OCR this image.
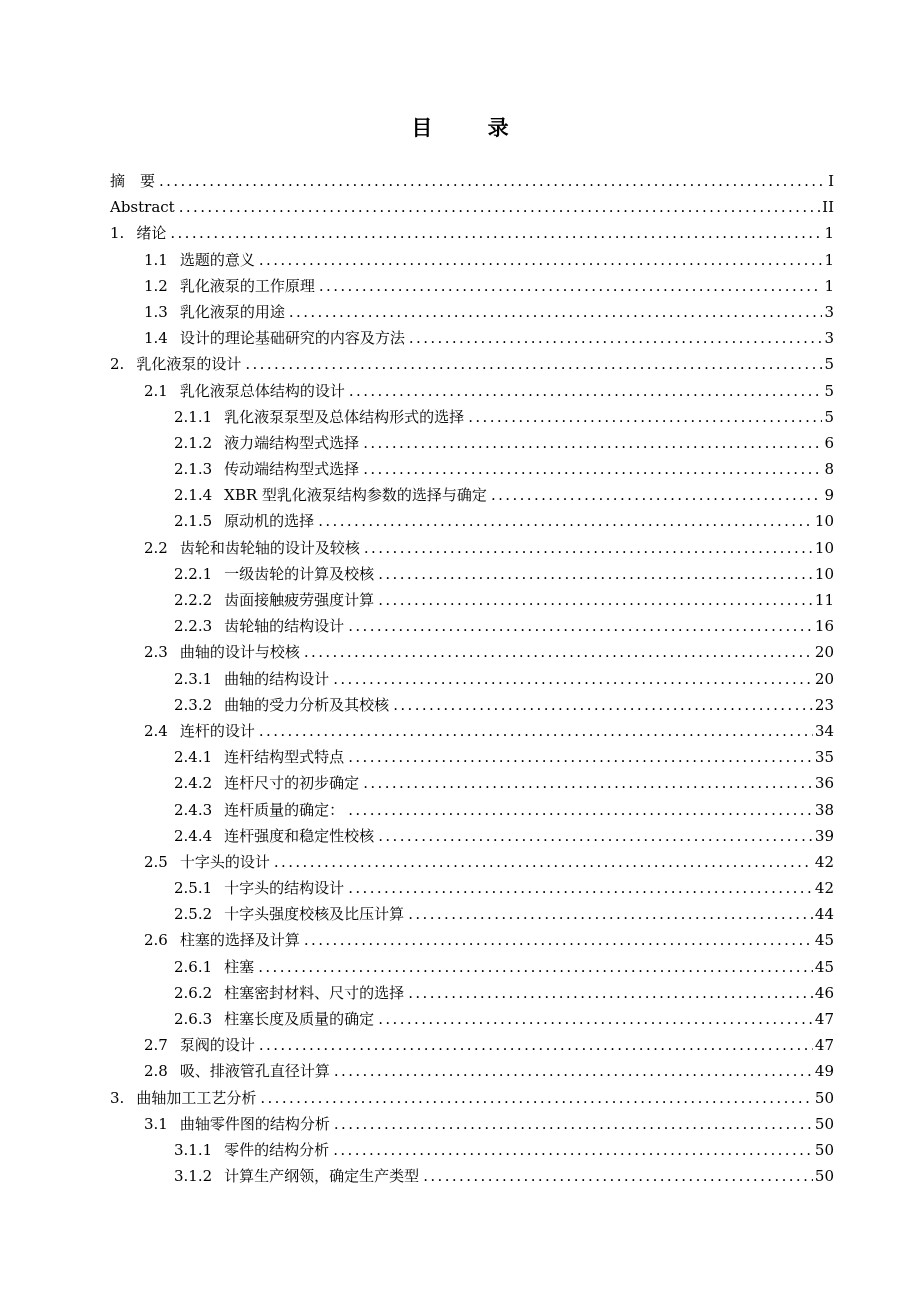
目 录
摘　要 .....	I
Abstract .....	II
1. 绪论 .....	1
1.1 选题的意义 .....	1
1.2 乳化液泵的工作原理 .....	1
1.3 乳化液泵的用途 .....	3
1.4 设计的理论基础研究的内容及方法 .....	3
2. 乳化液泵的设计 .....	5
2.1 乳化液泵总体结构的设计 .....	5
2.1.1 乳化液泵泵型及总体结构形式的选择 .....	5
2.1.2 液力端结构型式选择 .....	6
2.1.3 传动端结构型式选择 .....	8
2.1.4 XBR 型乳化液泵结构参数的选择与确定 .....	9
2.1.5 原动机的选择 .....	10
2.2 齿轮和齿轮轴的设计及较核 .....	10
2.2.1 一级齿轮的计算及校核 .....	10
2.2.2 齿面接触疲劳强度计算 .....	11
2.2.3 齿轮轴的结构设计 .....	16
2.3 曲轴的设计与校核 .....	20
2.3.1 曲轴的结构设计 .....	20
2.3.2 曲轴的受力分析及其校核 .....	23
2.4 连杆的设计 .....	34
2.4.1 连杆结构型式特点 .....	35
2.4.2 连杆尺寸的初步确定 .....	36
2.4.3 连杆质量的确定： .....	38
2.4.4 连杆强度和稳定性校核 .....	39
2.5 十字头的设计 .....	42
2.5.1 十字头的结构设计 .....	42
2.5.2 十字头强度校核及比压计算 .....	44
2.6 柱塞的选择及计算 .....	45
2.6.1 柱塞 .....	45
2.6.2 柱塞密封材料、尺寸的选择 .....	46
2.6.3 柱塞长度及质量的确定 .....	47
2.7 泵阀的设计 .....	47
2.8 吸、排液管孔直径计算 .....	49
3. 曲轴加工工艺分析 .....	50
3.1 曲轴零件图的结构分析 .....	50
3.1.1 零件的结构分析 .....	50
3.1.2 计算生产纲领，确定生产类型 .....	50
